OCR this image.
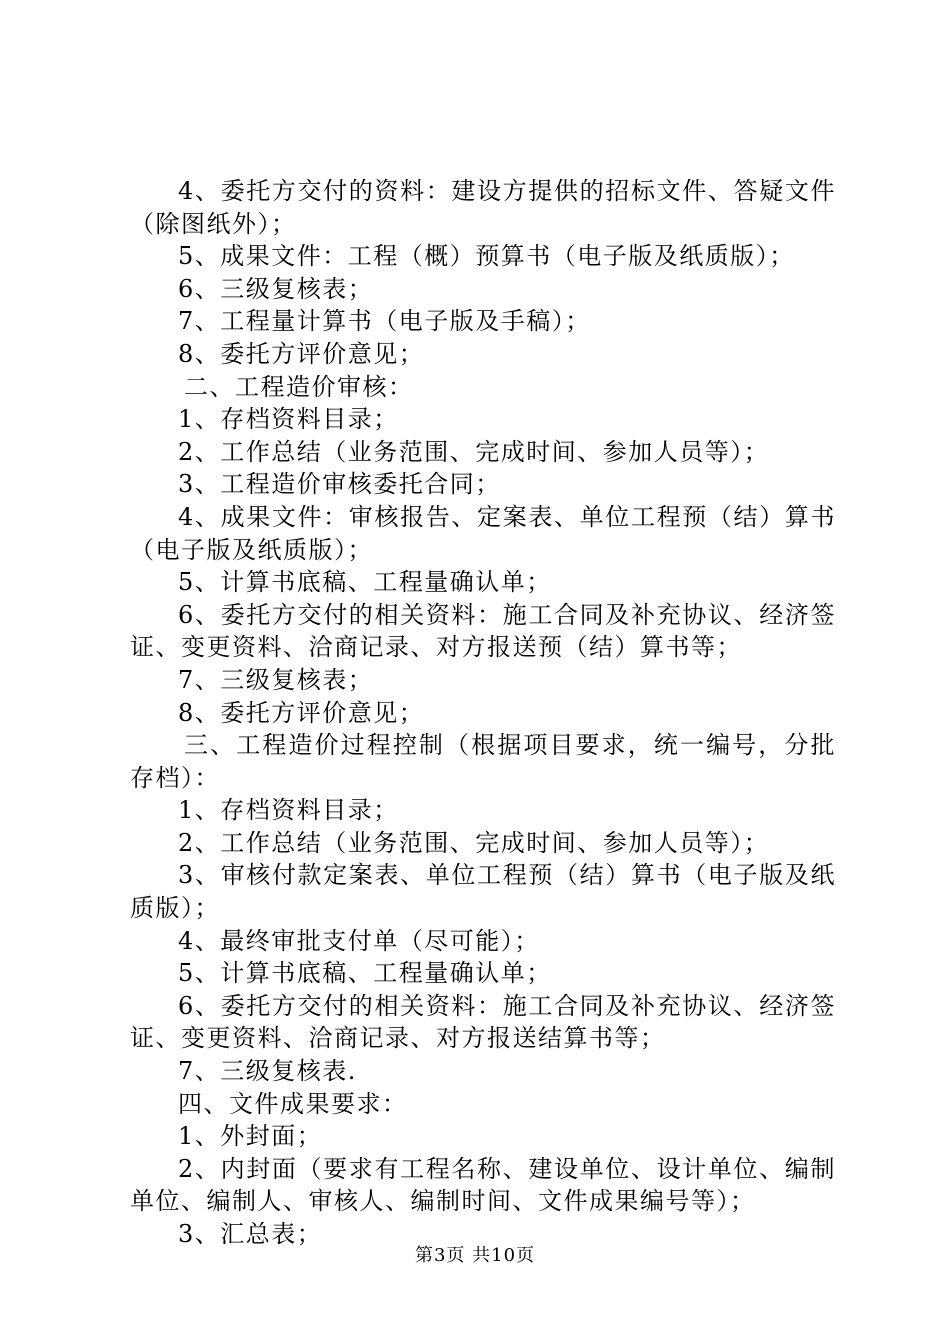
4、委托方交付的资料：建设方提供的招标文件、答疑文件（除图纸外）；

5、成果文件：工程（概）预算书（电子版及纸质版）；

6、三级复核表；

7、工程量计算书（电子版及手稿）；

8、委托方评价意见；

二、工程造价审核：

1、存档资料目录；

2、工作总结（业务范围、完成时间、参加人员等）；

3、工程造价审核委托合同；

4、成果文件：审核报告、定案表、单位工程预（结）算书（电子版及纸质版）；

5、计算书底稿、工程量确认单；

6、委托方交付的相关资料：施工合同及补充协议、经济签证、变更资料、洽商记录、对方报送预（结）算书等；

7、三级复核表；

8、委托方评价意见；

三、工程造价过程控制（根据项目要求，统一编号，分批存档）：

1、存档资料目录；

2、工作总结（业务范围、完成时间、参加人员等）；

3、审核付款定案表、单位工程预（结）算书（电子版及纸质版）；

4、最终审批支付单（尽可能）；

5、计算书底稿、工程量确认单；

6、委托方交付的相关资料：施工合同及补充协议、经济签证、变更资料、洽商记录、对方报送结算书等；

7、三级复核表.

四、文件成果要求：

1、外封面；

2、内封面（要求有工程名称、建设单位、设计单位、编制单位、编制人、审核人、编制时间、文件成果编号等）；

3、汇总表；

第3页 共10页
